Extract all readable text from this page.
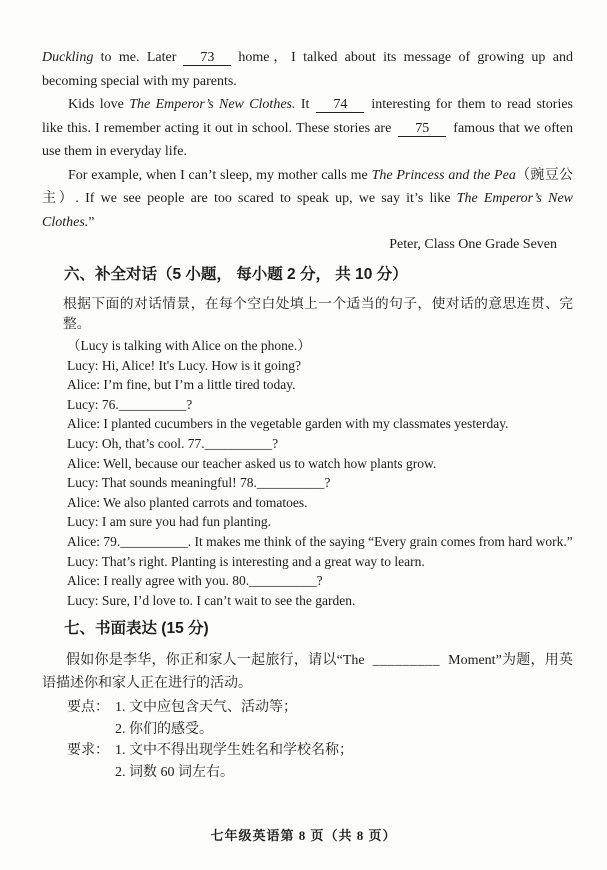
Duckling to me. Later 73 home，I talked about its message of growing up and becoming special with my parents.

Kids love The Emperor’s New Clothes. It 74 interesting for them to read stories like this. I remember acting it out in school. These stories are 75 famous that we often use them in everyday life.

For example, when I can’t sleep, my mother calls me The Princess and the Pea（豌豆公主）. If we see people are too scared to speak up, we say it’s like The Emperor’s New Clothes.”

Peter, Class One Grade Seven

六、补全对话（5 小题， 每小题 2 分， 共 10 分）

根据下面的对话情景，在每个空白处填上一个适当的句子，使对话的意思连贯、完整。

（Lucy is talking with Alice on the phone.）

Lucy: Hi, Alice! It's Lucy. How is it going?

Alice: I’m fine, but I’m a little tired today.

Lucy: 76.__________?

Alice: I planted cucumbers in the vegetable garden with my classmates yesterday.

Lucy: Oh, that’s cool. 77.__________?

Alice: Well, because our teacher asked us to watch how plants grow.

Lucy: That sounds meaningful! 78.__________?

Alice: We also planted carrots and tomatoes.

Lucy: I am sure you had fun planting.

Alice: 79.__________. It makes me think of the saying “Every grain comes from hard work.”

Lucy: That’s right. Planting is interesting and a great way to learn.

Alice: I really agree with you. 80.__________?

Lucy: Sure, I’d love to. I can’t wait to see the garden.

七、书面表达 (15 分)

假如你是李华，你正和家人一起旅行，请以“The _________ Moment”为题，用英语描述你和家人正在进行的活动。

要点： 1. 文中应包含天气、活动等；

2. 你们的感受。

要求： 1. 文中不得出现学生姓名和学校名称；

2. 词数 60 词左右。

七年级英语第 8 页（共 8 页）
